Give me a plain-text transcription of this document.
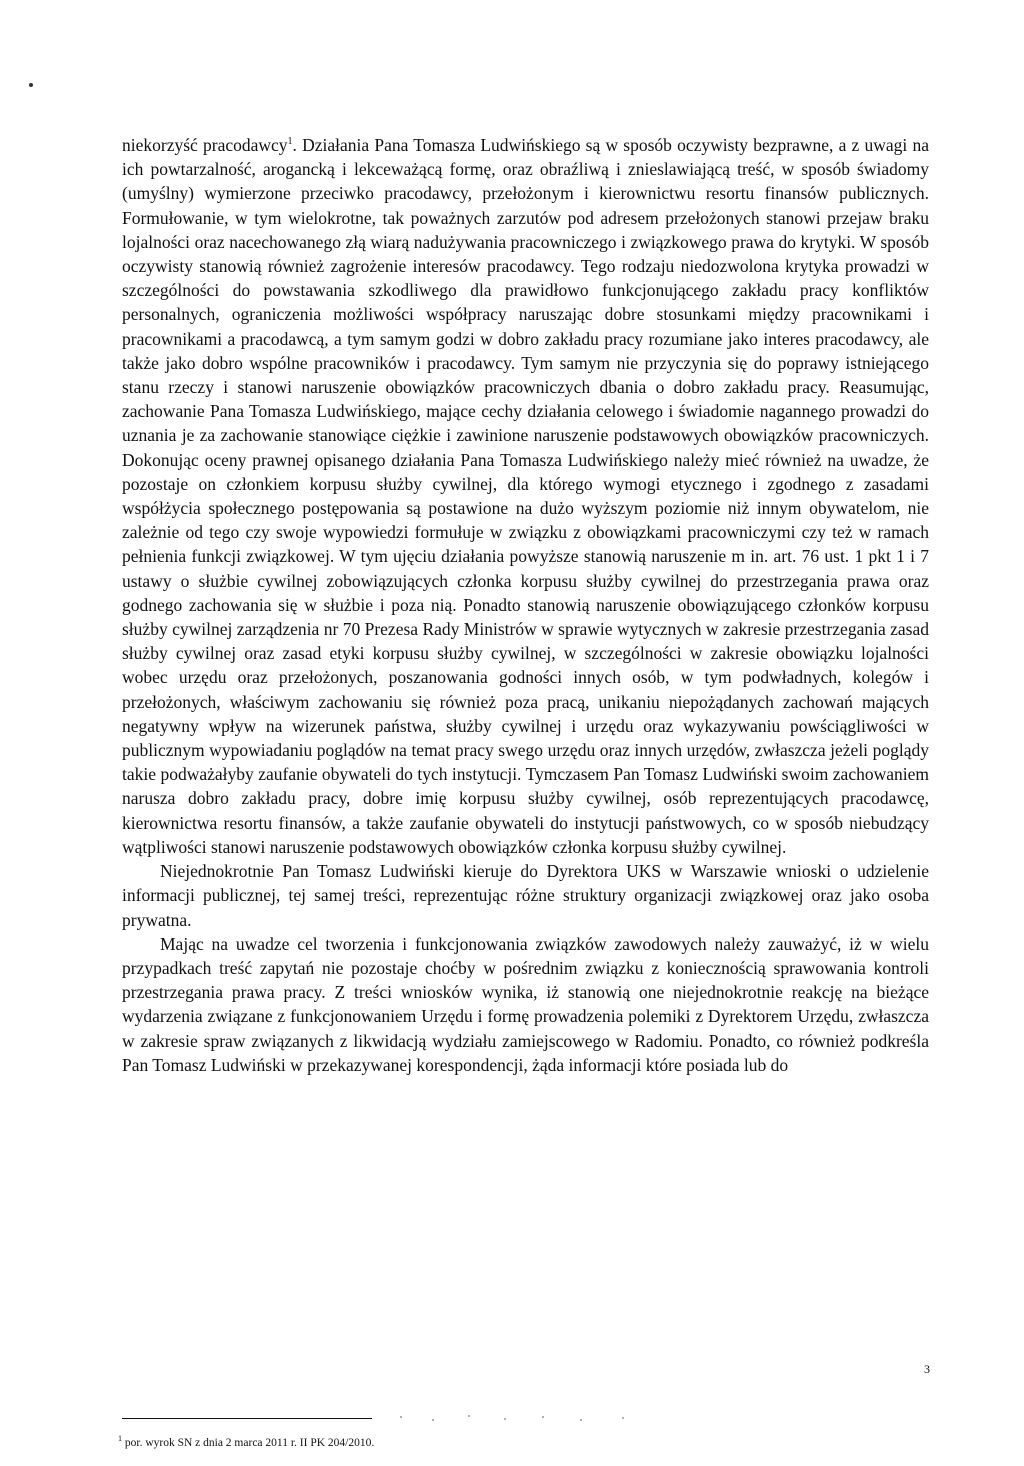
niekorzyść pracodawcy$^1$. Działania Pana Tomasza Ludwińskiego są w sposób oczywisty bezprawne, a z uwagi na ich powtarzalność, arogancką i lekceważącą formę, oraz obraźliwą i znieslawiającą treść, w sposób świadomy (umyślny) wymierzone przeciwko pracodawcy, przełożonym i kierownictwu resortu finansów publicznych. Formułowanie, w tym wielokrotne, tak poważnych zarzutów pod adresem przełożonych stanowi przejaw braku lojalności oraz nacechowanego złą wiarą nadużywania pracowniczego i związkowego prawa do krytyki. W sposób oczywisty stanowią również zagrożenie interesów pracodawcy. Tego rodzaju niedozwolona krytyka prowadzi w szczególności do powstawania szkodliwego dla prawidłowo funkcjonującego zakładu pracy konfliktów personalnych, ograniczenia możliwości współpracy naruszając dobre stosunkami między pracownikami i pracownikami a pracodawcą, a tym samym godzi w dobro zakładu pracy rozumiane jako interes pracodawcy, ale także jako dobro wspólne pracowników i pracodawcy. Tym samym nie przyczynia się do poprawy istniejącego stanu rzeczy i stanowi naruszenie obowiązków pracowniczych dbania o dobro zakładu pracy. Reasumując, zachowanie Pana Tomasza Ludwińskiego, mające cechy działania celowego i świadomie nagannego prowadzi do uznania je za zachowanie stanowiące ciężkie i zawinione naruszenie podstawowych obowiązków pracowniczych. Dokonując oceny prawnej opisanego działania Pana Tomasza Ludwińskiego należy mieć również na uwadze, że pozostaje on członkiem korpusu służby cywilnej, dla którego wymogi etycznego i zgodnego z zasadami współżycia społecznego postępowania są postawione na dużo wyższym poziomie niż innym obywatelom, nie zależnie od tego czy swoje wypowiedzi formułuje w związku z obowiązkami pracowniczymi czy też w ramach pełnienia funkcji związkowej. W tym ujęciu działania powyższe stanowią naruszenie m in. art. 76 ust. 1 pkt 1 i 7 ustawy o służbie cywilnej zobowiązujących członka korpusu służby cywilnej do przestrzegania prawa oraz godnego zachowania się w służbie i poza nią. Ponadto stanowią naruszenie obowiązującego członków korpusu służby cywilnej zarządzenia nr 70 Prezesa Rady Ministrów w sprawie wytycznych w zakresie przestrzegania zasad służby cywilnej oraz zasad etyki korpusu służby cywilnej, w szczególności w zakresie obowiązku lojalności wobec urzędu oraz przełożonych, poszanowania godności innych osób, w tym podwładnych, kolegów i przełożonych, właściwym zachowaniu się również poza pracą, unikaniu niepożądanych zachowań mających negatywny wpływ na wizerunek państwa, służby cywilnej i urzędu oraz wykazywaniu powściągliwości w publicznym wypowiadaniu poglądów na temat pracy swego urzędu oraz innych urzędów, zwłaszcza jeżeli poglądy takie podważałyby zaufanie obywateli do tych instytucji. Tymczasem Pan Tomasz Ludwiński swoim zachowaniem narusza dobro zakładu pracy, dobre imię korpusu służby cywilnej, osób reprezentujących pracodawcę, kierownictwa resortu finansów, a także zaufanie obywateli do instytucji państwowych, co w sposób niebudzący wątpliwości stanowi naruszenie podstawowych obowiązków członka korpusu służby cywilnej.

Niejednokrotnie Pan Tomasz Ludwiński kieruje do Dyrektora UKS w Warszawie wnioski o udzielenie informacji publicznej, tej samej treści, reprezentując różne struktury organizacji związkowej oraz jako osoba prywatna.

Mając na uwadze cel tworzenia i funkcjonowania związków zawodowych należy zauważyć, iż w wielu przypadkach treść zapytań nie pozostaje choćby w pośrednim związku z koniecznością sprawowania kontroli przestrzegania prawa pracy. Z treści wniosków wynika, iż stanowią one niejednokrotnie reakcję na bieżące wydarzenia związane z funkcjonowaniem Urzędu i formę prowadzenia polemiki z Dyrektorem Urzędu, zwłaszcza w zakresie spraw związanych z likwidacją wydziału zamiejscowego w Radomiu. Ponadto, co również podkreśla Pan Tomasz Ludwiński w przekazywanej korespondencji, żąda informacji które posiada lub do

3
$^1$ por. wyrok SN z dnia 2 marca 2011 r. II PK 204/2010.
